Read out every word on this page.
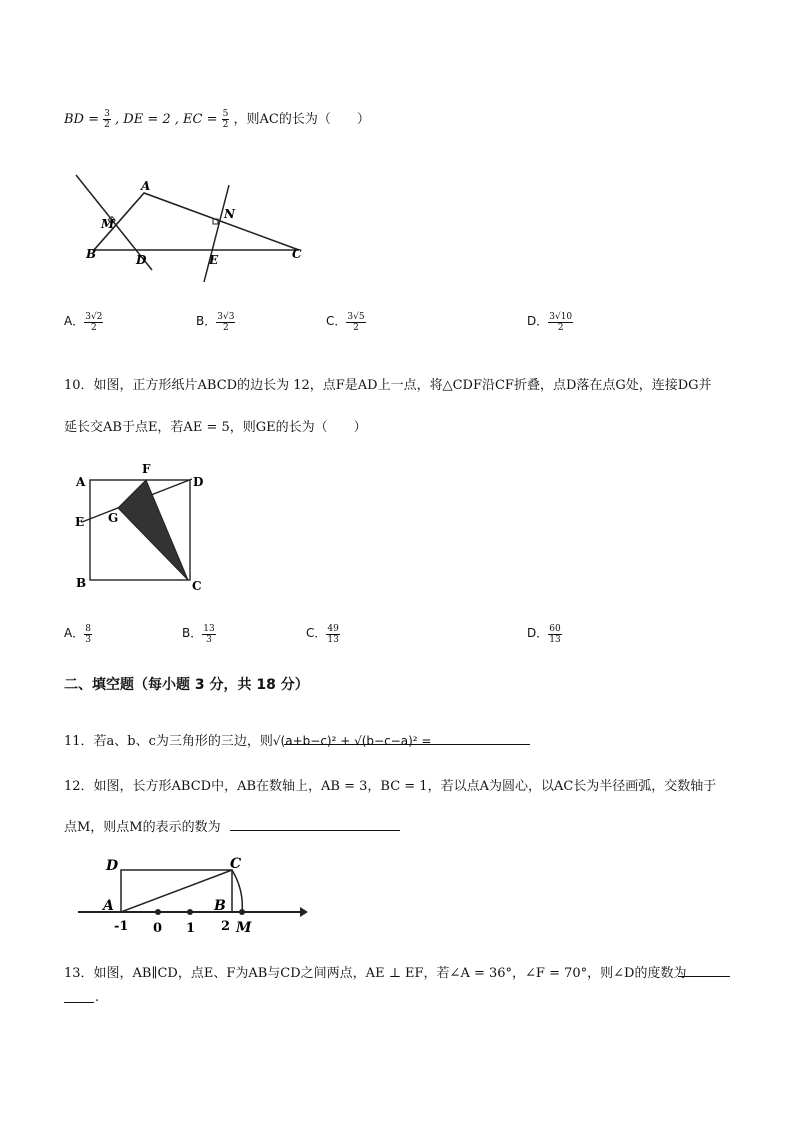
BD = $\frac{3}{2}$ , DE = 2 , EC = $\frac{5}{2}$ ，则AC的长为（　　）
A
M
N
B	D	E	C
A． $\frac{3√2}{2}$	B． $\frac{3√3}{2}$	C． $\frac{3√5}{2}$	D． $\frac{3√10}{2}$
10．如图，正方形纸片ABCD的边长为 12，点F是AD上一点，将△CDF沿CF折叠，点D落在点G处，连接DG并
延长交AB于点E，若AE = 5，则GE的长为（　　）
A
F
D
E G
B	C
A． $\frac{8}{3}$	B． $\frac{13}{3}$	C． $\frac{49}{13}$	D． $\frac{60}{13}$
二、填空题（每小题 3 分，共 18 分）
11．若a、b、c为三角形的三边，则√(a+b−c)² + √(b−c−a)² =
12．如图，长方形ABCD中，AB在数轴上，AB = 3，BC = 1，若以点A为圆心，以AC长为半径画弧，交数轴于
点M，则点M的表示的数为
D	C
A	B
-1 0 1 2 M
13．如图，AB∥CD，点E、F为AB与CD之间两点，AE ⊥ EF，若∠A = 36°，∠F = 70°，则∠D的度数为
.
